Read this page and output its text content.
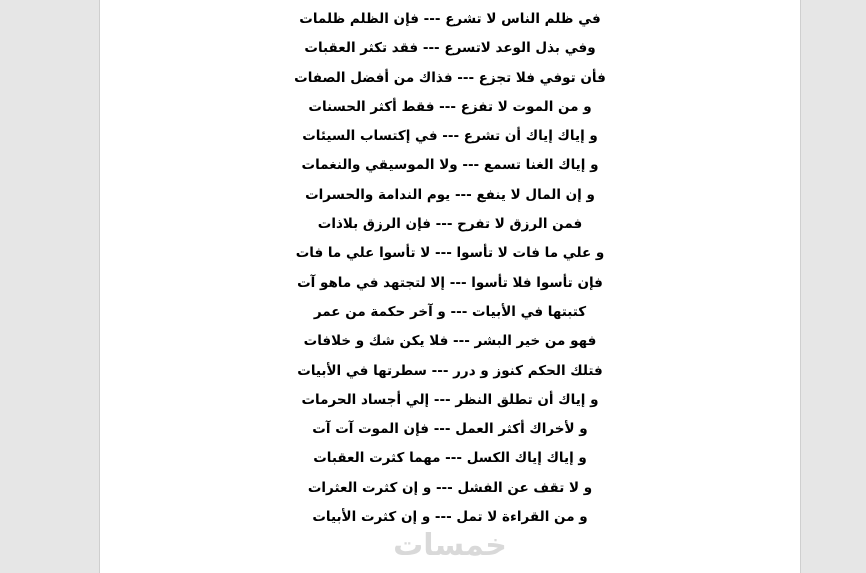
في ظلم الناس لا تشرع --- فإن الظلم ظلمات
وفي بذل الوعد لاتسرع --- فقد تكثر العقبات
فأن توفي فلا تجزع --- فذاك من أفضل الصفات
و من الموت لا تفزع --- فقط أكثر الحسنات
و إياك إياك أن تشرع --- في إكتساب السيئات
و إياك الغنا تسمع --- ولا الموسيقي والنغمات
و إن المال لا ينفع --- يوم الندامة والحسرات
فمن الرزق لا تفرح --- فإن الرزق بلاذات
و علي ما فات لا تأسوا --- لا تأسوا علي ما فات
فإن تأسوا فلا تأسوا --- إلا لتجتهد في ماهو آت
كتبتها في الأبيات --- و آخر حكمة من عمر
فهو من خير البشر --- فلا يكن شك و خلافات
فتلك الحكم كنوز و درر --- سطرتها في الأبيات
و إياك أن تطلق النظر --- إلي أجساد الحرمات
و لأخراك أكثر العمل --- فإن الموت آت آت
و إياك إياك الكسل --- مهما كثرت العقبات
و لا تقف عن الفشل --- و إن كثرت العثرات
و من القراءة لا تمل --- و إن كثرت الأبيات
خمسات
